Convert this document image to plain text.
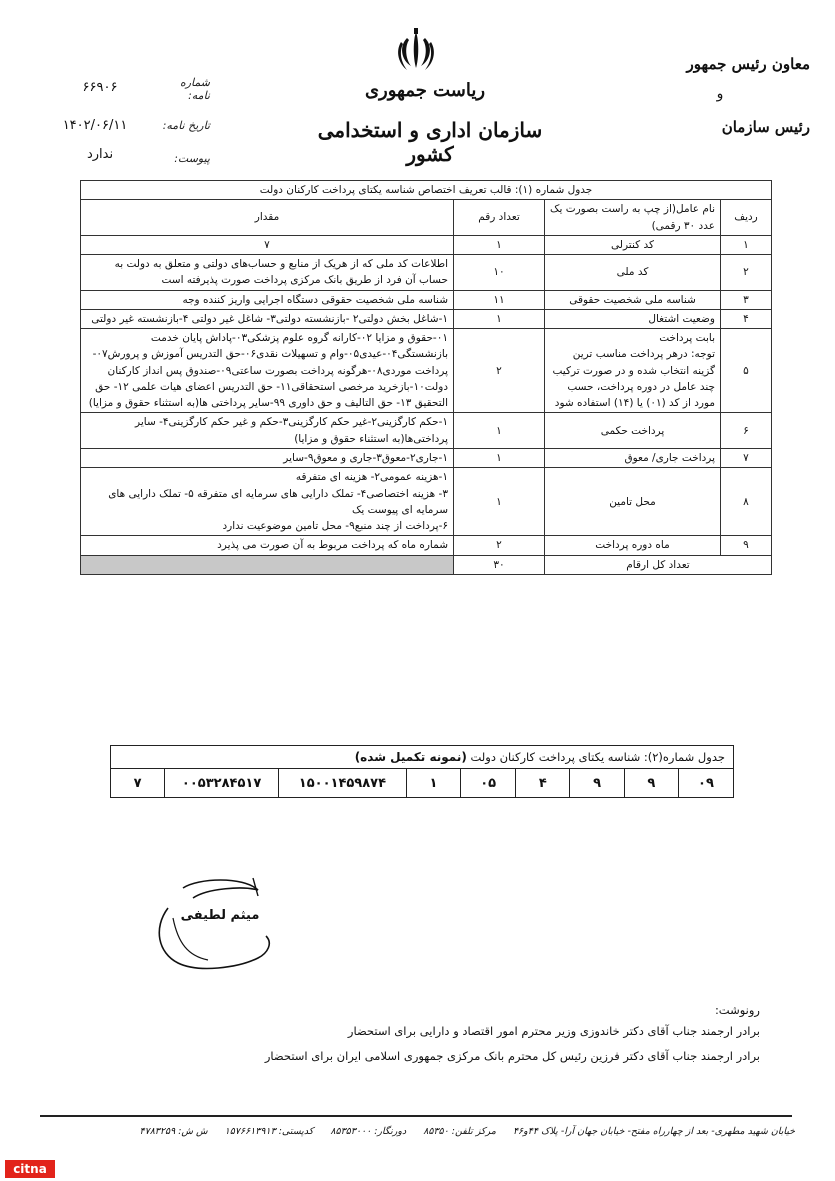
ریاست جمهوری
سازمان اداری و استخدامی کشور
معاون رئیس جمهور
و
رئیس سازمان
شماره نامه:
۶۶۹۰۶
تاریخ نامه:
۱۴۰۲/۰۶/۱۱
پیوست:
ندارد
جدول شماره (۱): قالب تعریف اختصاص شناسه یکتای پرداخت کارکنان دولت			
ردیف	نام عامل(از چپ به راست بصورت یک عدد ۳۰ رقمی)	تعداد رقم	مقدار
۱	کد کنترلی	۱	۷
۲	کد ملی	۱۰	اطلاعات کد ملی که از هریک از منابع و حساب‌های دولتی و متعلق به دولت به حساب آن فرد از طریق بانک مرکزی پرداخت صورت پذیرفته است
۳	شناسه ملی شخصیت حقوقی	۱۱	شناسه ملی شخصیت حقوقی دستگاه اجرایی واریز کننده وجه
۴	وضعیت اشتغال	۱	۱-شاغل بخش دولتی۲ -بازنشسته دولتی۳- شاغل غیر دولتی ۴-بازنشسته غیر دولتی
۵	بابت پرداخت
توجه: درهر پرداخت مناسب ترین گزینه انتخاب شده و در صورت ترکیب چند عامل در دوره پرداخت، حسب مورد از کد (۰۱) یا (۱۴) استفاده شود	۲	۰۱-حقوق و مزایا ۰۲-کارانه گروه علوم پزشکی۰۳-پاداش پایان خدمت بازنشستگی۰۴-عیدی۰۵-وام و تسهیلات نقدی۰۶-حق التدریس آموزش و پرورش۰۷-پرداخت موردی۰۸-هرگونه پرداخت بصورت ساعتی۰۹-صندوق پس انداز کارکنان دولت۱۰-بازخرید مرخصی استحقاقی۱۱- حق التدریس اعضای هیات علمی ۱۲- حق التحقیق ۱۳- حق التالیف و حق داوری ۹۹-سایر پرداختی ها(به استثناء حقوق و مزایا)
۶	پرداخت حکمی	۱	۱-حکم کارگزینی۲-غیر حکم کارگزینی۳-حکم و غیر حکم کارگزینی۴- سایر پرداختی‌ها(به استثناء حقوق و مزایا)
۷	پرداخت جاری/ معوق	۱	۱-جاری۲-معوق۳-جاری و معوق۹-سایر
۸	محل تامین	۱	۱-هزینه عمومی۲- هزینه ای متفرقه
۳- هزینه اختصاصی۴- تملک دارایی های سرمایه ای متفرقه ۵- تملک دارایی های سرمایه ای پیوست یک
۶-پرداخت از چند منبع۹- محل تامین موضوعیت ندارد
۹	ماه دوره پرداخت	۲	شماره ماه که پرداخت مربوط به آن صورت می پذیرد
تعداد کل ارقام		۳۰	
جدول شماره(۲): شناسه یکتای پرداخت کارکنان دولت (نمونه تکمیل شده)
۰۹	۹	۹	۴	۰۵	۱	۱۵۰۰۱۴۵۹۸۷۴	۰۰۵۳۲۸۴۵۱۷	۷
میثم لطیفی
رونوشت:
برادر ارجمند جناب آقای دکتر خاندوزی وزیر محترم امور اقتصاد و دارایی برای استحضار
برادر ارجمند جناب آقای دکتر فرزین رئیس کل محترم بانک مرکزی جمهوری اسلامی ایران برای استحضار
خیابان شهید مطهری- بعد از چهارراه مفتح- خیابان جهان آرا- پلاک ۴۴و۴۶ مرکز تلفن: ۸۵۳۵۰ دورنگار: ۸۵۳۵۳۰۰۰ کدپستی: ۱۵۷۶۶۱۳۹۱۳ ش ش: ۴۷۸۳۲۵۹
citna
